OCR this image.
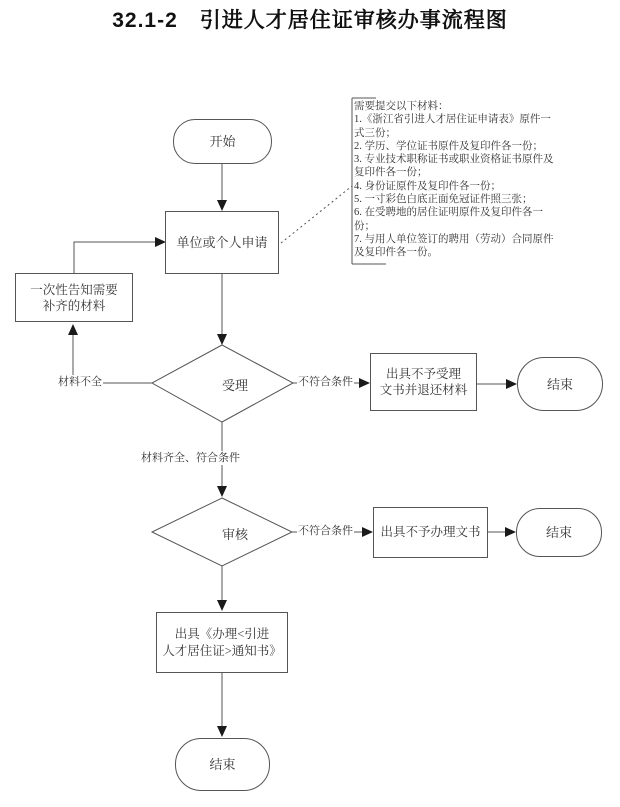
32.1-2　引进人才居住证审核办事流程图
开始
结束
结束
结束
单位或个人申请
一次性告知需要
补齐的材料
出具不予受理
文书并退还材料
出具不予办理文书
出具《办理<引进
人才居住证>通知书》
受理
审核
材料不全
材料齐全、符合条件
不符合条件
不符合条件
需要提交以下材料：
1.《浙江省引进人才居住证申请表》原件一式三份；
2. 学历、学位证书原件及复印件各一份；
3. 专业技术职称证书或职业资格证书原件及复印件各一份；
4. 身份证原件及复印件各一份；
5. 一寸彩色白底正面免冠证件照三张；
6. 在受聘地的居住证明原件及复印件各一份；
7. 与用人单位签订的聘用（劳动）合同原件及复印件各一份。
